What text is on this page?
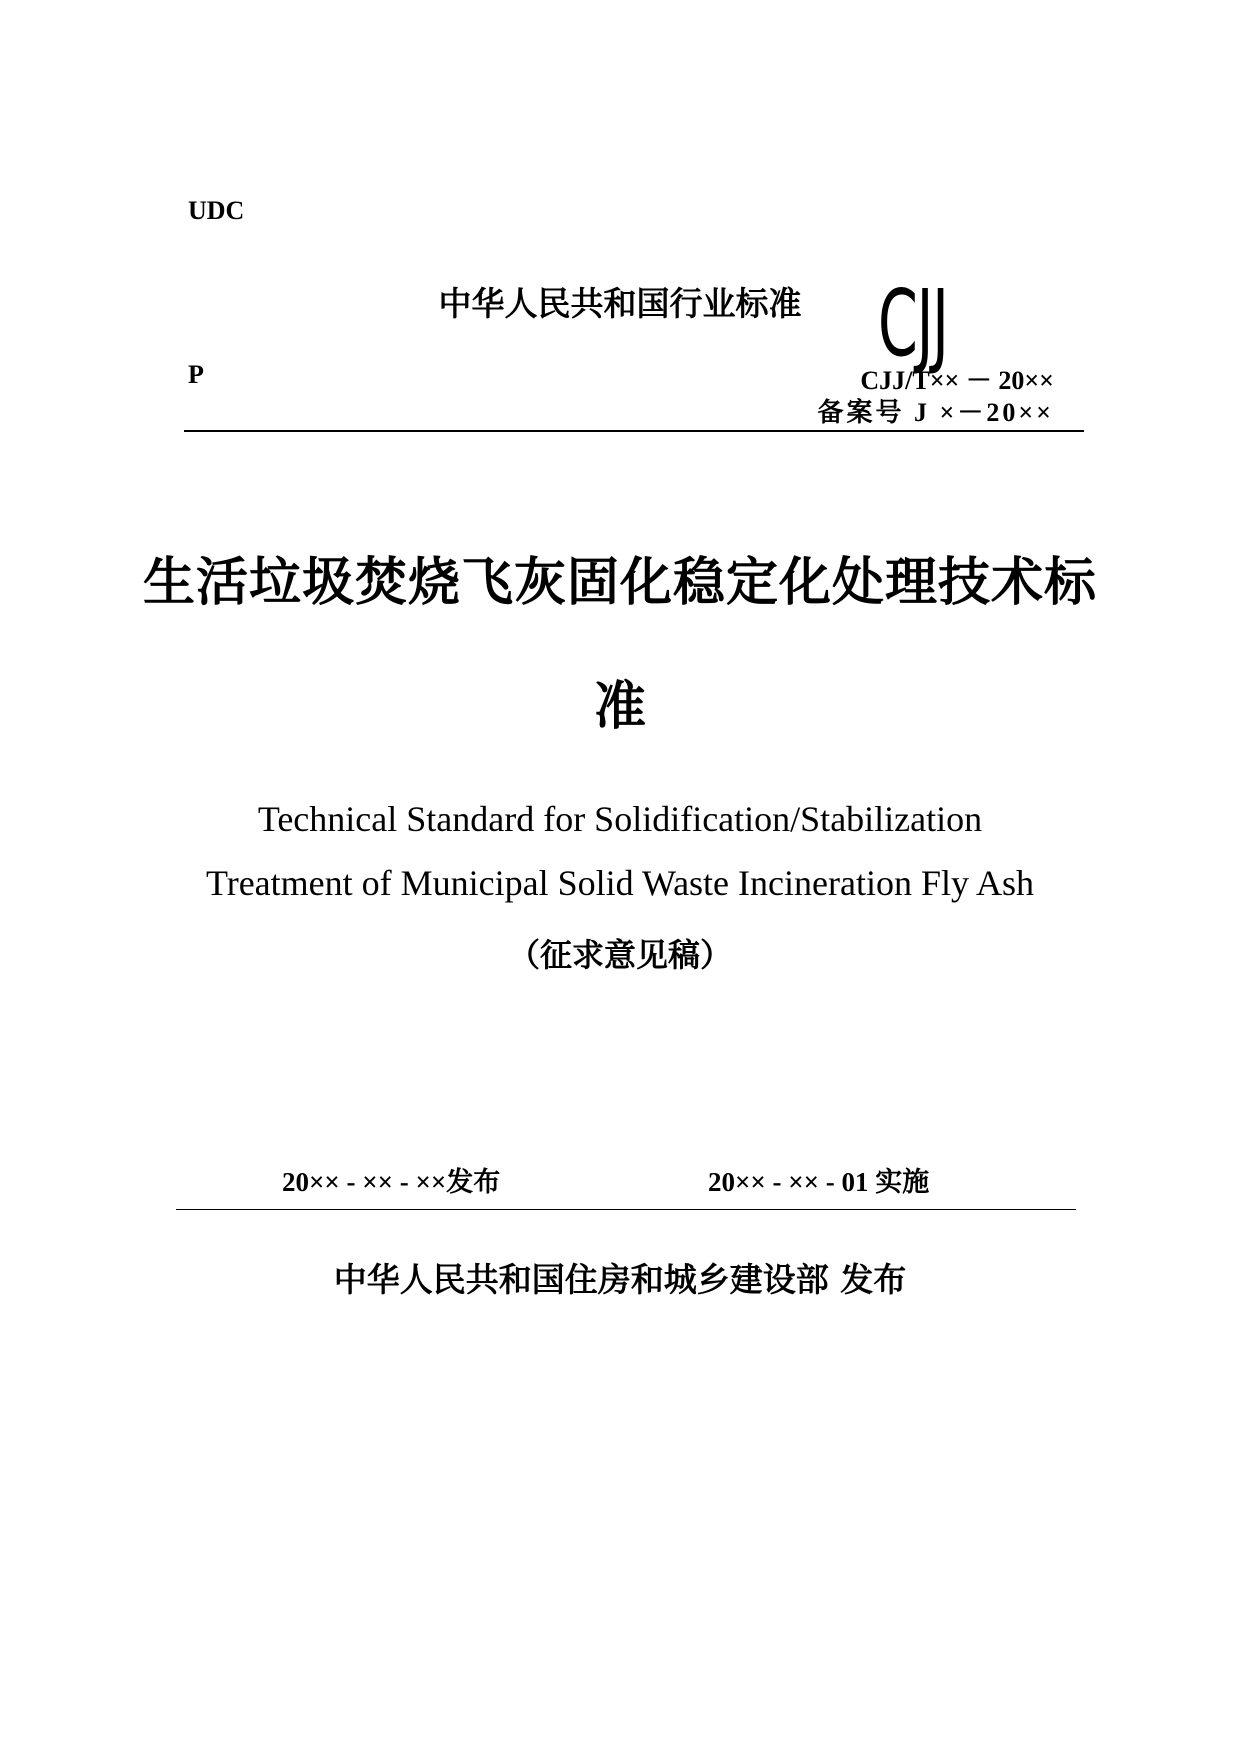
UDC
中华人民共和国行业标准 CJJ
P	CJJ/T×× － 20××
备案号 J ×－20××
生活垃圾焚烧飞灰固化稳定化处理技术标
准
Technical Standard for Solidification/Stabilization
Treatment of Municipal Solid Waste Incineration Fly Ash
（征求意见稿）
20×× - ×× - ××发布	20×× - ×× - 01 实施
中华人民共和国住房和城乡建设部 发布
